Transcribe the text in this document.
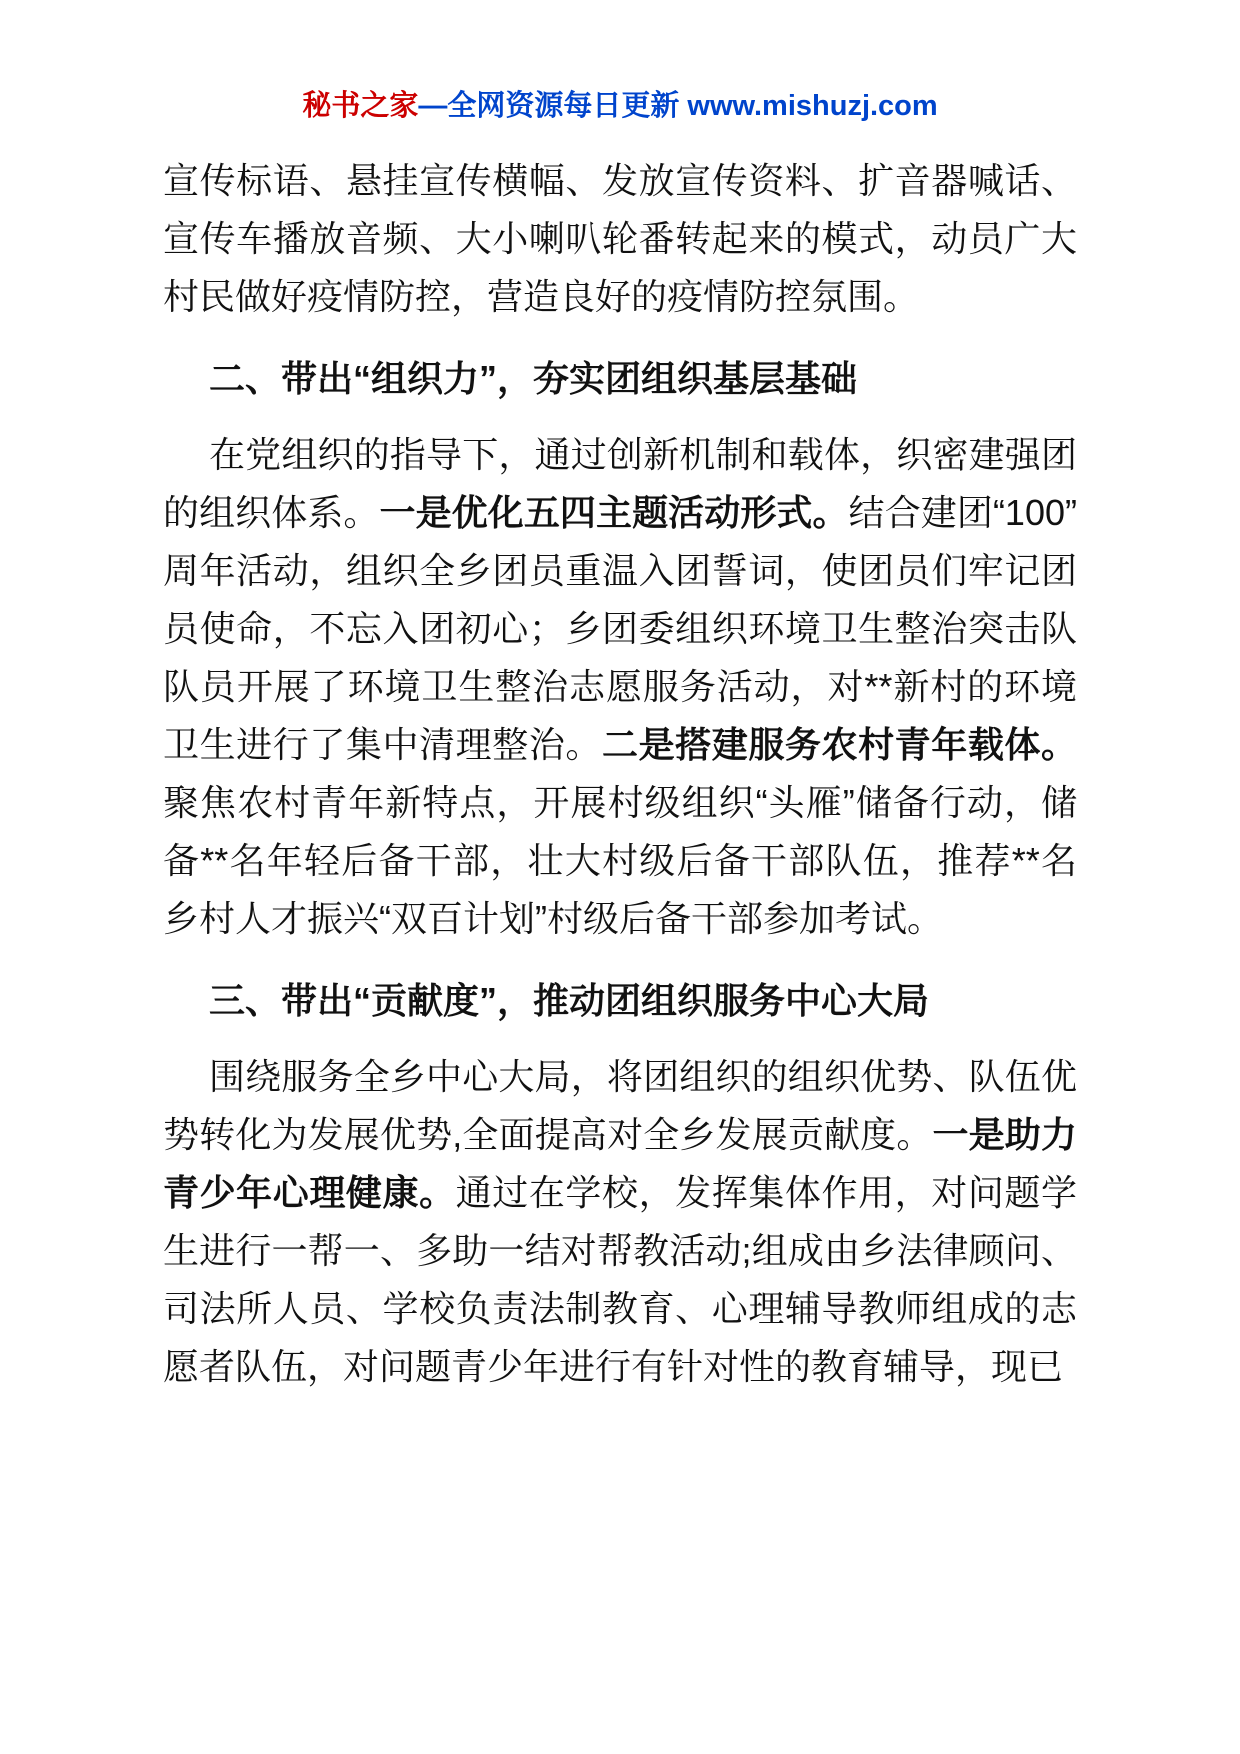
秘书之家—全网资源每日更新 www.mishuzj.com

宣传标语、悬挂宣传横幅、发放宣传资料、扩音器喊话、宣传车播放音频、大小喇叭轮番转起来的模式，动员广大村民做好疫情防控，营造良好的疫情防控氛围。

二、带出“组织力”，夯实团组织基层基础

在党组织的指导下，通过创新机制和载体，织密建强团的组织体系。一是优化五四主题活动形式。结合建团“100”周年活动，组织全乡团员重温入团誓词，使团员们牢记团员使命，不忘入团初心；乡团委组织环境卫生整治突击队队员开展了环境卫生整治志愿服务活动，对**新村的环境卫生进行了集中清理整治。二是搭建服务农村青年载体。聚焦农村青年新特点，开展村级组织“头雁”储备行动，储备**名年轻后备干部，壮大村级后备干部队伍，推荐**名乡村人才振兴“双百计划”村级后备干部参加考试。

三、带出“贡献度”，推动团组织服务中心大局

围绕服务全乡中心大局，将团组织的组织优势、队伍优势转化为发展优势,全面提高对全乡发展贡献度。一是助力青少年心理健康。通过在学校，发挥集体作用，对问题学生进行一帮一、多助一结对帮教活动;组成由乡法律顾问、司法所人员、学校负责法制教育、心理辅导教师组成的志愿者队伍，对问题青少年进行有针对性的教育辅导，现已
